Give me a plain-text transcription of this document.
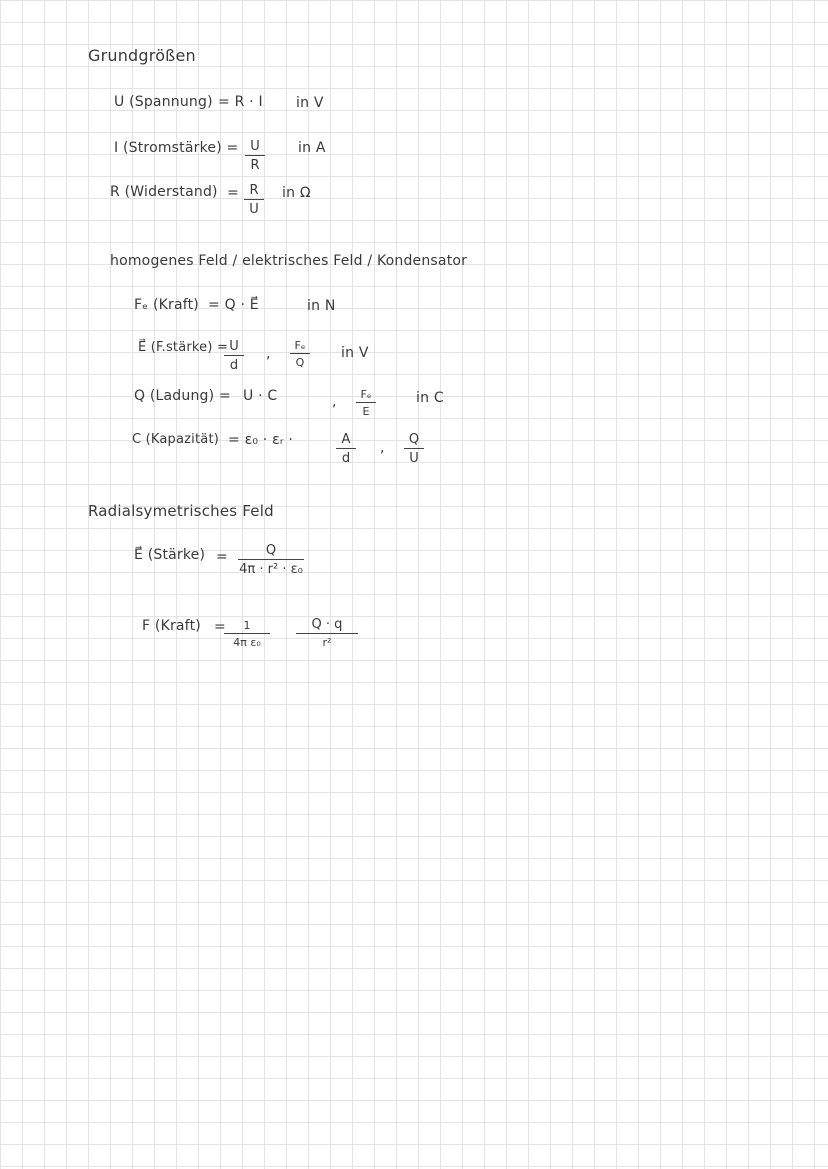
Grundgrößen
U (Spannung) = R · I in V
I (Stromstärke) = $\frac{U}{R}$ in A
R (Widerstand) = $\frac{R}{U}$ in Ω
homogenes Feld / elektrisches Feld / Kondensator
Fₑ (Kraft) = Q · E⃗	in N
E⃗ (F.stärke) =
$\frac{U}{d}$ , $\frac{\text{Fₑ}}{Q}$ in V
Q (Ladung) = U · C	, $\frac{\text{Fₑ}}{E}$	in C
C (Kapazität) = ε₀ · εᵣ ·	$\frac{A}{d}$ , $\frac{Q}{U}$
Radialsymetrisches Feld
E⃗ (Stärke) = $\frac{Q}{\text{4π · r² · ε₀}}$
F (Kraft) =
$\frac{1}{\text{4π ε₀}}$	Q · q
r²
